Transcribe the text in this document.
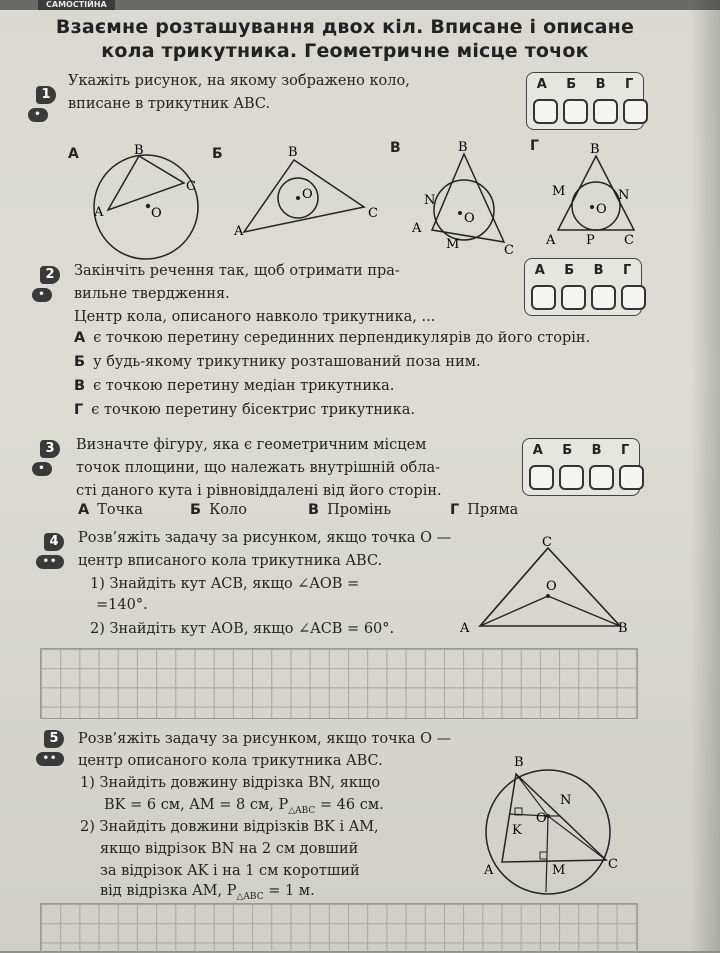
САМОСТІЙНА
Взаємне розташування двох кіл. Вписане і описане
кола трикутника. Геометричне місце точок
1
•
Укажіть рисунок, на якому зображено коло,
вписане в трикутник ABC.
А Б В Г
А	Б	В	Г
B
C
A	O
B
C
A
O
B
N
O
A
M	C
B
M	N
O
A P C
2
•
Закінчіть речення так, щоб отримати пра-
вильне твердження.
Центр кола, описаного навколо трикутника, ...
А Б В Г
А є точкою перетину серединних перпендикулярів до його сторін.
Б у будь-якому трикутнику розташований поза ним.
В є точкою перетину медіан трикутника.
Г є точкою перетину бісектрис трикутника.
3
•
Визначте фігуру, яка є геометричним місцем
точок площини, що належать внутрішній обла-
сті даного кута і рівновіддалені від його сторін.
А Б В Г
А Точка	Б Коло	В Промінь	Г Пряма
4
••
Розв’яжіть задачу за рисунком, якщо точка O —
центр вписаного кола трикутника ABC.
1) Знайдіть кут ACB, якщо ∠AOB =
=140°.
2) Знайдіть кут AOB, якщо ∠ACB = 60°.
C
O
A	B
5
••
Розв’яжіть задачу за рисунком, якщо точка O —
центр описаного кола трикутника ABC.
1) Знайдіть довжину відрізка BN, якщо
BK = 6 см, AM = 8 см, $P_{\triangle ABC} = 46$ см.
2) Знайдіть довжини відрізків BK і AM,
якщо відрізок BN на 2 см довший
за відрізок AK і на 1 см коротший
від відрізка AM, $P_{\triangle ABC} = 1$ м.
B
N
O
K
A	M	C
